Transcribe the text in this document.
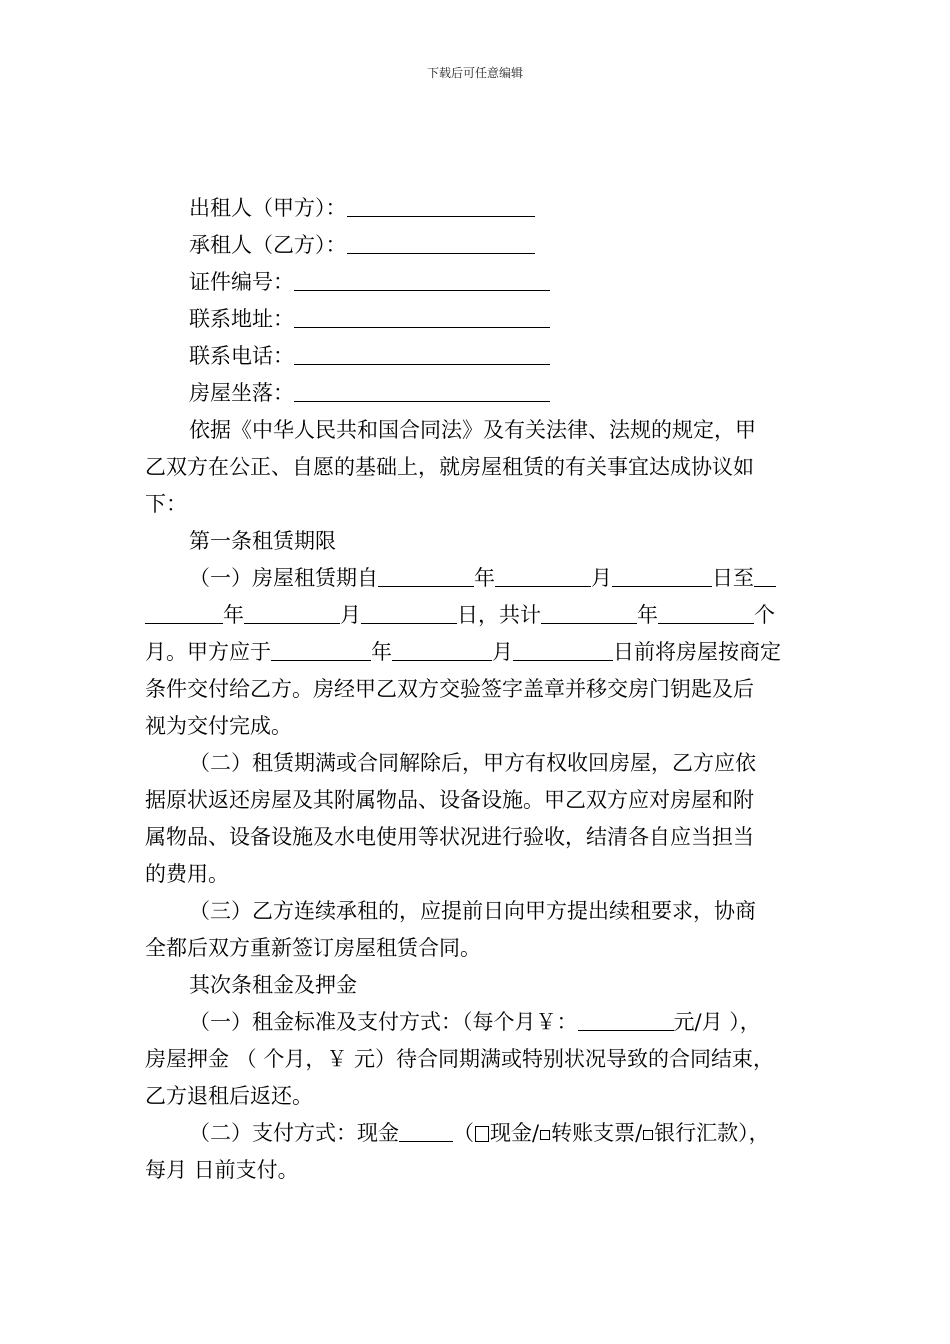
下载后可任意编辑
出租人（甲方）：
承租人（乙方）：
证件编号：
联系地址：
联系电话：
房屋坐落：
依据《中华人民共和国合同法》及有关法律、法规的规定，甲
乙双方在公正、自愿的基础上，就房屋租赁的有关事宜达成协议如
下：
第一条租赁期限
（一）房屋租赁期自	年	月	日至
年	月	日，共计	年	个
月。甲方应于	年	月	日前将房屋按商定
条件交付给乙方。房经甲乙双方交验签字盖章并移交房门钥匙及后
视为交付完成。
（二）租赁期满或合同解除后，甲方有权收回房屋，乙方应依
据原状返还房屋及其附属物品、设备设施。甲乙双方应对房屋和附
属物品、设备设施及水电使用等状况进行验收，结清各自应当担当
的费用。
（三）乙方连续承租的，应提前日向甲方提出续租要求，协商
全都后双方重新签订房屋租赁合同。
其次条租金及押金
（一）租金标准及支付方式：（每个月￥：	元/月 ），
房屋押金 （ 个月，￥ 元）待合同期满或特别状况导致的合同结束，
乙方退租后返还。
（二）支付方式：现金	（ 现金/ 转账支票/ 银行汇款），
每月 日前支付。
